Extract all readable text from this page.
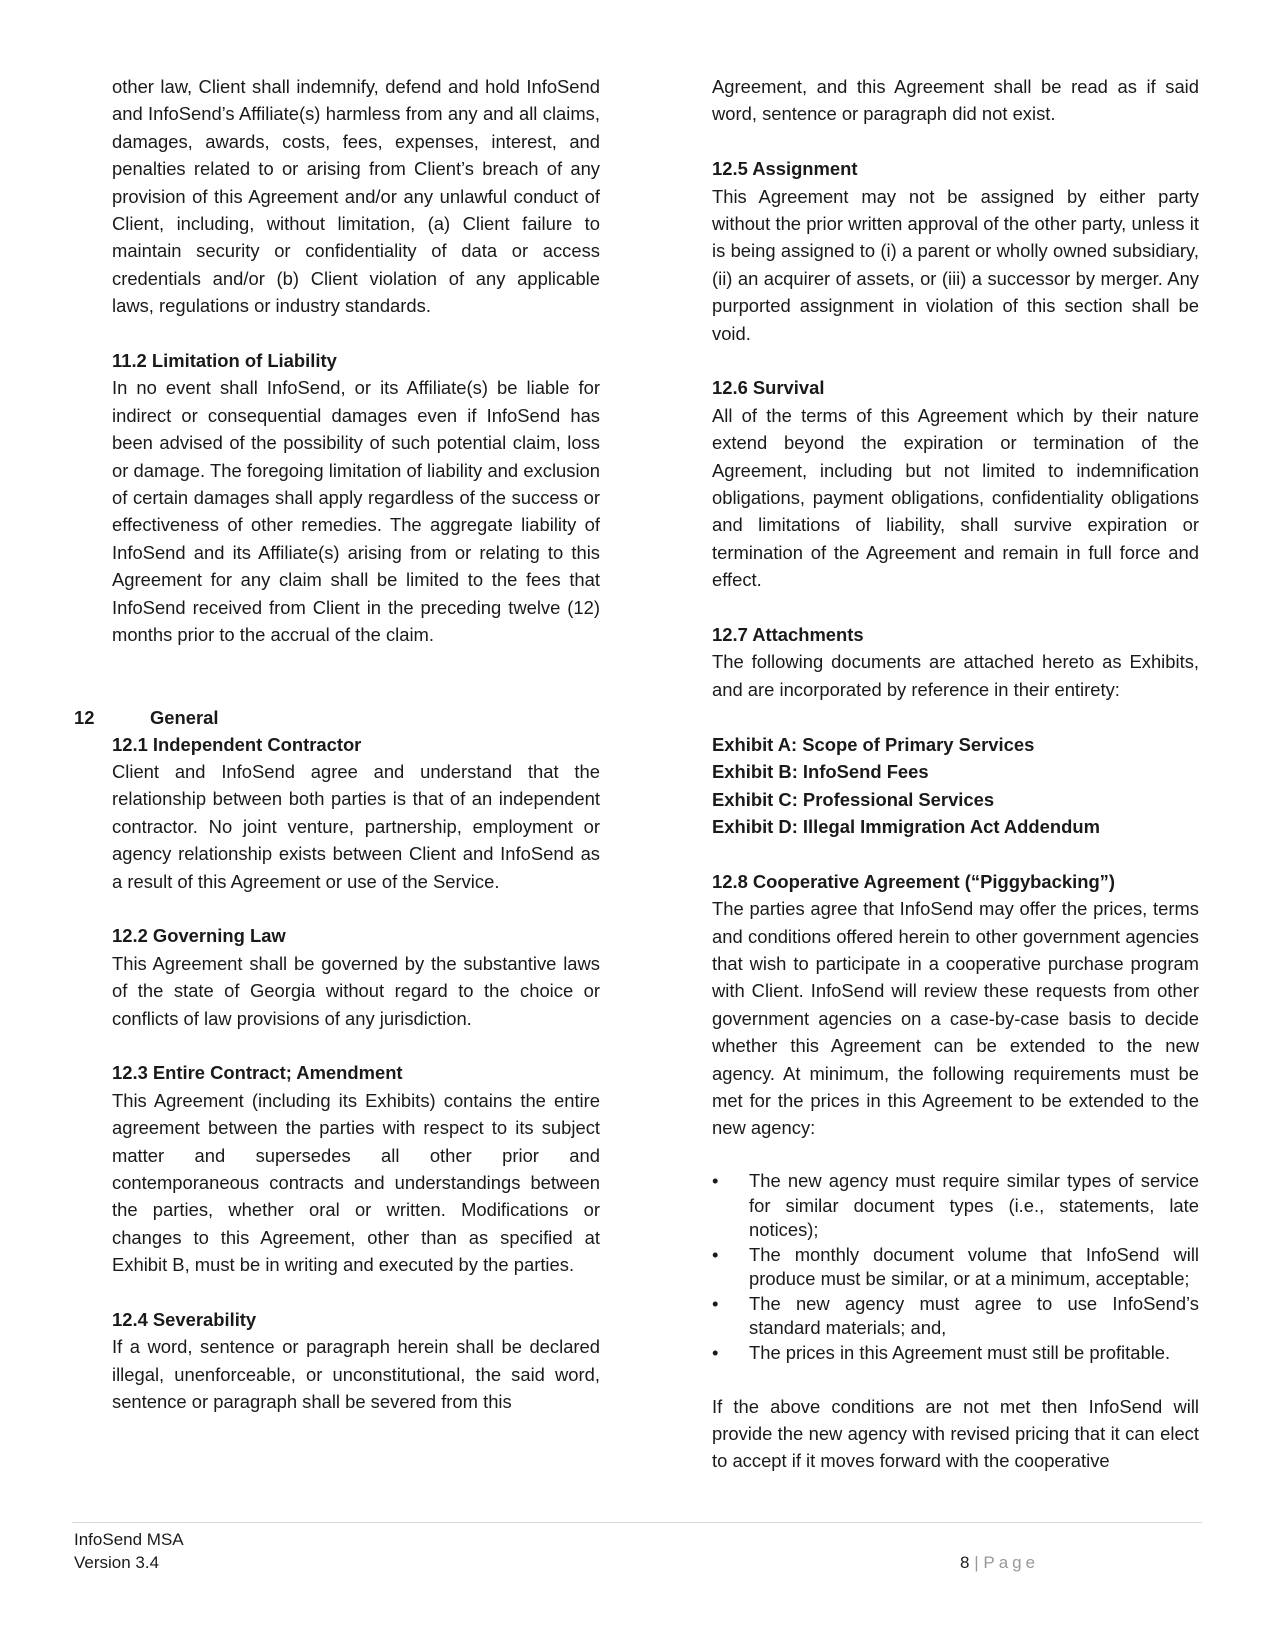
other law, Client shall indemnify, defend and hold InfoSend and InfoSend’s Affiliate(s) harmless from any and all claims, damages, awards, costs, fees, expenses, interest, and penalties related to or arising from Client’s breach of any provision of this Agreement and/or any unlawful conduct of Client, including, without limitation, (a) Client failure to maintain security or confidentiality of data or access credentials and/or (b) Client violation of any applicable laws, regulations or industry standards.

11.2 Limitation of Liability

In no event shall InfoSend, or its Affiliate(s) be liable for indirect or consequential damages even if InfoSend has been advised of the possibility of such potential claim, loss or damage. The foregoing limitation of liability and exclusion of certain damages shall apply regardless of the success or effectiveness of other remedies. The aggregate liability of InfoSend and its Affiliate(s) arising from or relating to this Agreement for any claim shall be limited to the fees that InfoSend received from Client in the preceding twelve (12) months prior to the accrual of the claim.

12.1 Independent Contractor

Client and InfoSend agree and understand that the relationship between both parties is that of an independent contractor. No joint venture, partnership, employment or agency relationship exists between Client and InfoSend as a result of this Agreement or use of the Service.

12.2 Governing Law

This Agreement shall be governed by the substantive laws of the state of Georgia without regard to the choice or conflicts of law provisions of any jurisdiction.

12.3 Entire Contract; Amendment

This Agreement (including its Exhibits) contains the entire agreement between the parties with respect to its subject matter and supersedes all other prior and contemporaneous contracts and understandings between the parties, whether oral or written. Modifications or changes to this Agreement, other than as specified at Exhibit B, must be in writing and executed by the parties.

12.4 Severability

If a word, sentence or paragraph herein shall be declared illegal, unenforceable, or unconstitutional, the said word, sentence or paragraph shall be severed from this

12	General

Agreement, and this Agreement shall be read as if said word, sentence or paragraph did not exist.

12.5 Assignment

This Agreement may not be assigned by either party without the prior written approval of the other party, unless it is being assigned to (i) a parent or wholly owned subsidiary, (ii) an acquirer of assets, or (iii) a successor by merger. Any purported assignment in violation of this section shall be void.

12.6 Survival

All of the terms of this Agreement which by their nature extend beyond the expiration or termination of the Agreement, including but not limited to indemnification obligations, payment obligations, confidentiality obligations and limitations of liability, shall survive expiration or termination of the Agreement and remain in full force and effect.

12.7 Attachments

The following documents are attached hereto as Exhibits, and are incorporated by reference in their entirety:

Exhibit A: Scope of Primary Services
Exhibit B: InfoSend Fees
Exhibit C: Professional Services
Exhibit D: Illegal Immigration Act Addendum
12.8 Cooperative Agreement (“Piggybacking”)

The parties agree that InfoSend may offer the prices, terms and conditions offered herein to other government agencies that wish to participate in a cooperative purchase program with Client. InfoSend will review these requests from other government agencies on a case-by-case basis to decide whether this Agreement can be extended to the new agency. At minimum, the following requirements must be met for the prices in this Agreement to be extended to the new agency:

• The new agency must require similar types of service for similar document types (i.e., statements, late notices);
• The monthly document volume that InfoSend will produce must be similar, or at a minimum, acceptable;
• The new agency must agree to use InfoSend’s standard materials; and,
• The prices in this Agreement must still be profitable.

If the above conditions are not met then InfoSend will provide the new agency with revised pricing that it can elect to accept if it moves forward with the cooperative

InfoSend MSA
Version 3.4	8 | Page
